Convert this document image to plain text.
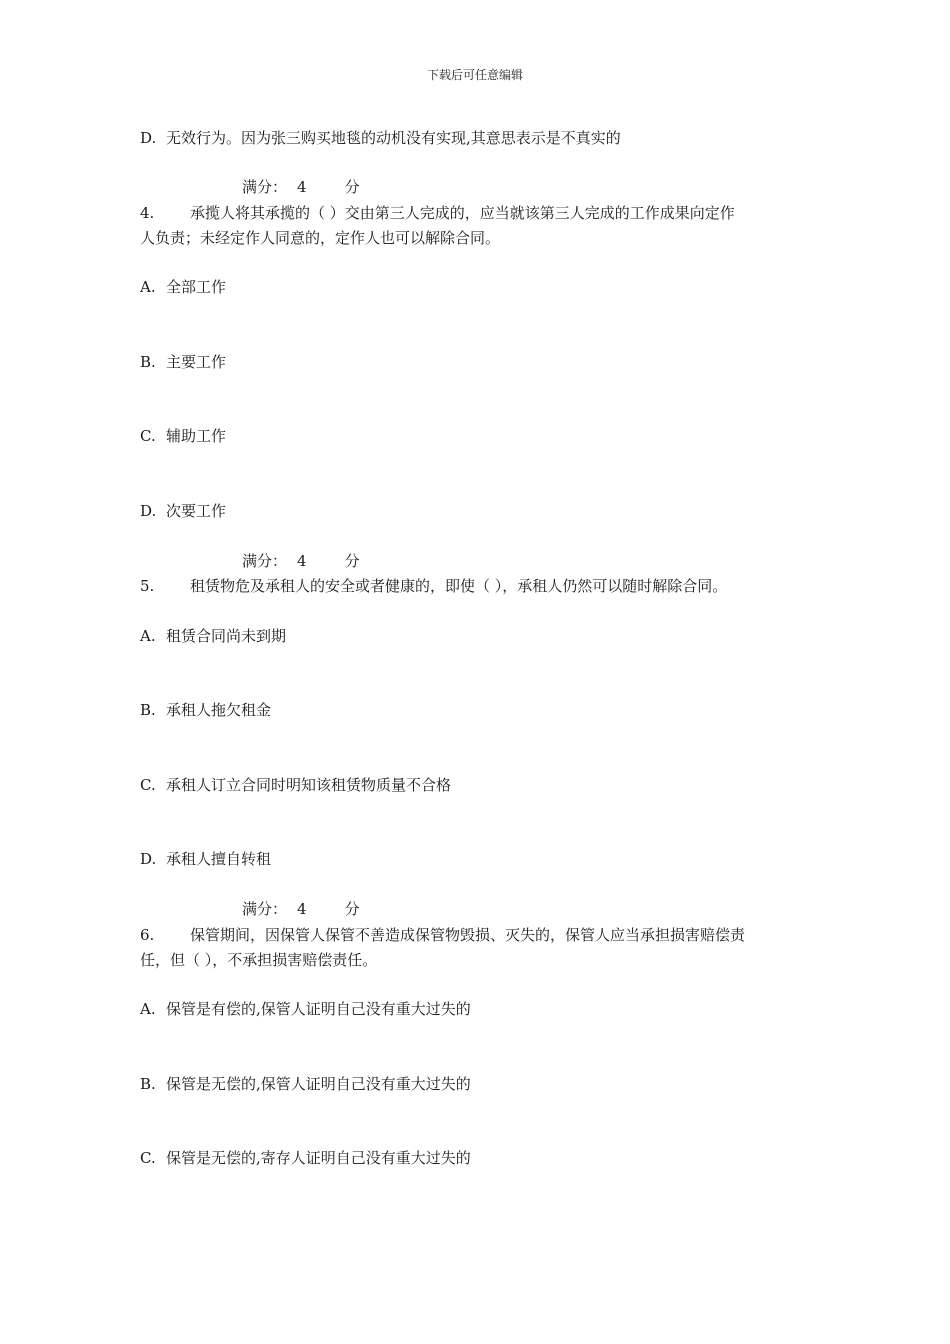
下载后可任意编辑
D. 无效行为。因为张三购买地毯的动机没有实现,其意思表示是不真实的
满分： 4	分
4. 承揽人将其承揽的（ ）交由第三人完成的，应当就该第三人完成的工作成果向定作
人负责；未经定作人同意的，定作人也可以解除合同。
A. 全部工作
B. 主要工作
C. 辅助工作
D. 次要工作
满分： 4	分
5. 租赁物危及承租人的安全或者健康的，即使（ ），承租人仍然可以随时解除合同。
A. 租赁合同尚未到期
B. 承租人拖欠租金
C. 承租人订立合同时明知该租赁物质量不合格
D. 承租人擅自转租
满分： 4	分
6. 保管期间，因保管人保管不善造成保管物毁损、灭失的，保管人应当承担损害赔偿责
任，但（ ），不承担损害赔偿责任。
A. 保管是有偿的,保管人证明自己没有重大过失的
B. 保管是无偿的,保管人证明自己没有重大过失的
C. 保管是无偿的,寄存人证明自己没有重大过失的
